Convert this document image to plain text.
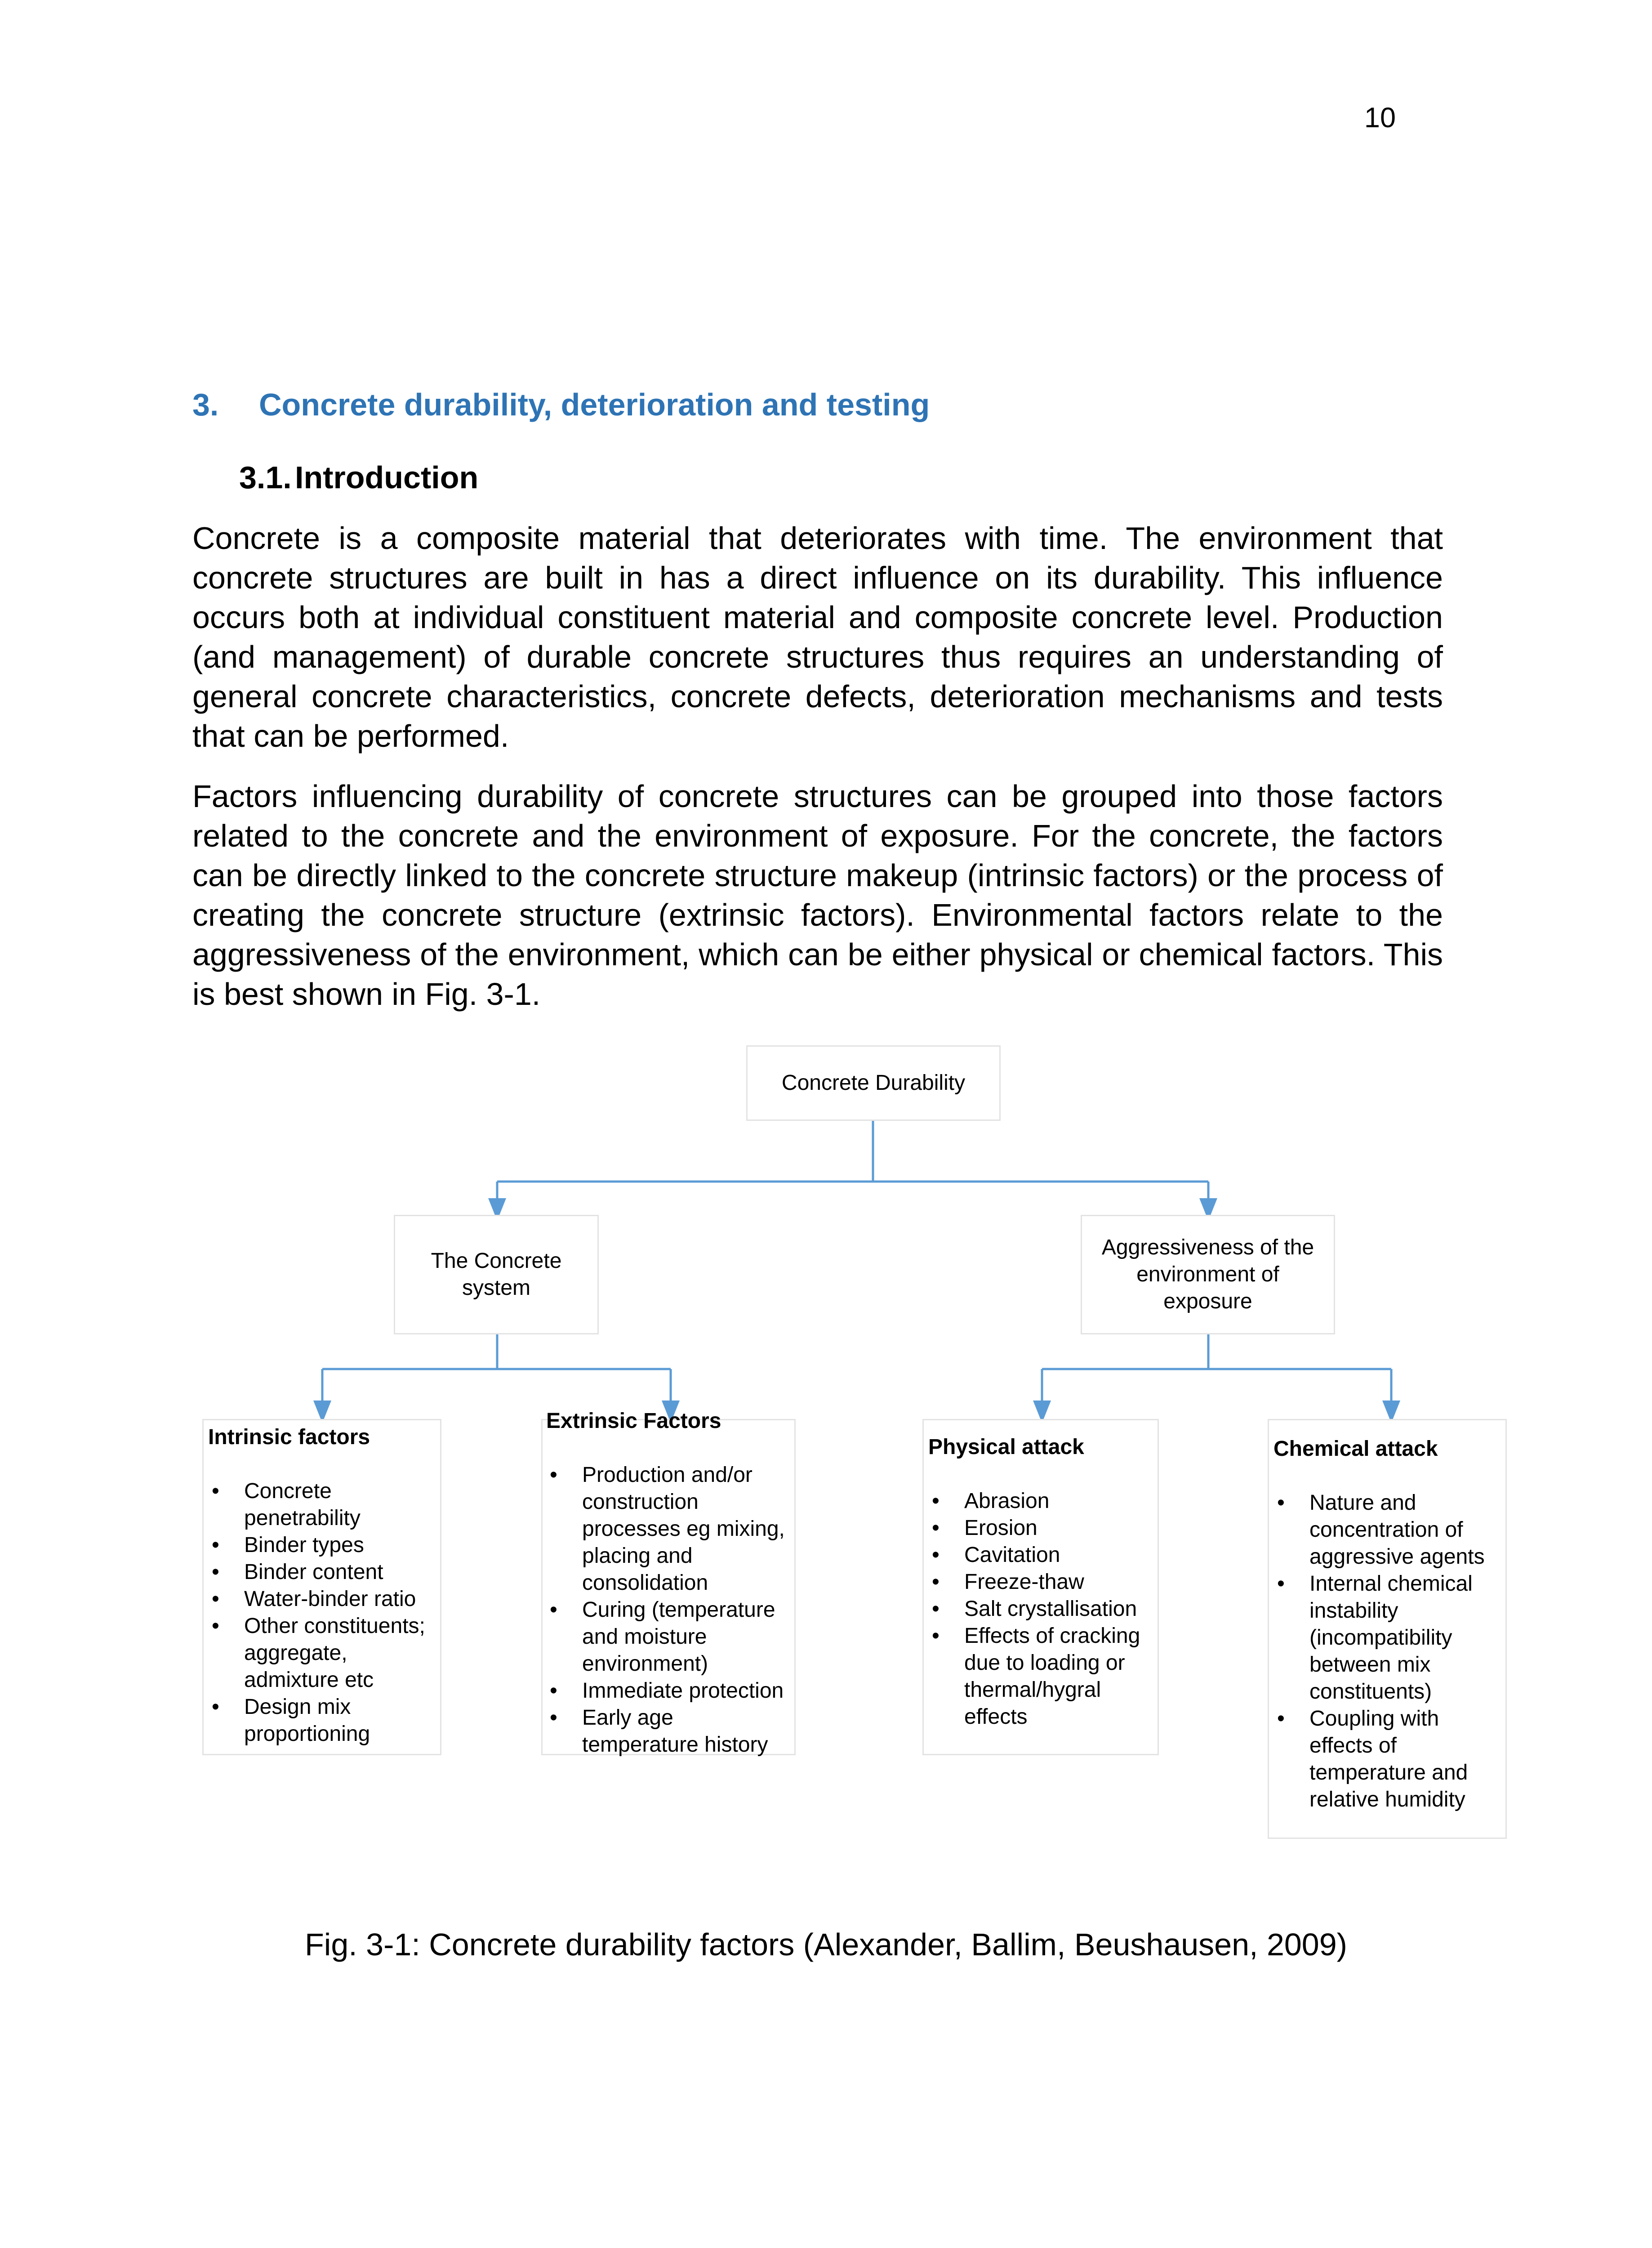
10
3. Concrete durability, deterioration and testing
3.1. Introduction

Concrete is a composite material that deteriorates with time. The environment that concrete structures are built in has a direct influence on its durability. This influence occurs both at individual constituent material and composite concrete level. Production (and management) of durable concrete structures thus requires an understanding of general concrete characteristics, concrete defects, deterioration mechanisms and tests that can be performed.

Factors influencing durability of concrete structures can be grouped into those factors related to the concrete and the environment of exposure. For the concrete, the factors can be directly linked to the concrete structure makeup (intrinsic factors) or the process of creating the concrete structure (extrinsic factors). Environmental factors relate to the aggressiveness of the environment, which can be either physical or chemical factors. This is best shown in Fig. 3-1.

Concrete Durability
The Concrete system
Aggressiveness of the environment of exposure
Intrinsic factors
• Concrete penetrability
• Binder types
• Binder content
• Water-binder ratio
• Other constituents; aggregate, admixture etc
• Design mix proportioning
Extrinsic Factors
• Production and/or construction processes eg mixing, placing and consolidation
• Curing (temperature and moisture environment)
• Immediate protection
• Early age temperature history
Physical attack
• Abrasion
• Erosion
• Cavitation
• Freeze-thaw
• Salt crystallisation
• Effects of cracking due to loading or thermal/hygral effects
Chemical attack
• Nature and concentration of aggressive agents
• Internal chemical instability (incompatibility between mix constituents)
• Coupling with effects of temperature and relative humidity
Fig. 3-1: Concrete durability factors (Alexander, Ballim, Beushausen, 2009)
